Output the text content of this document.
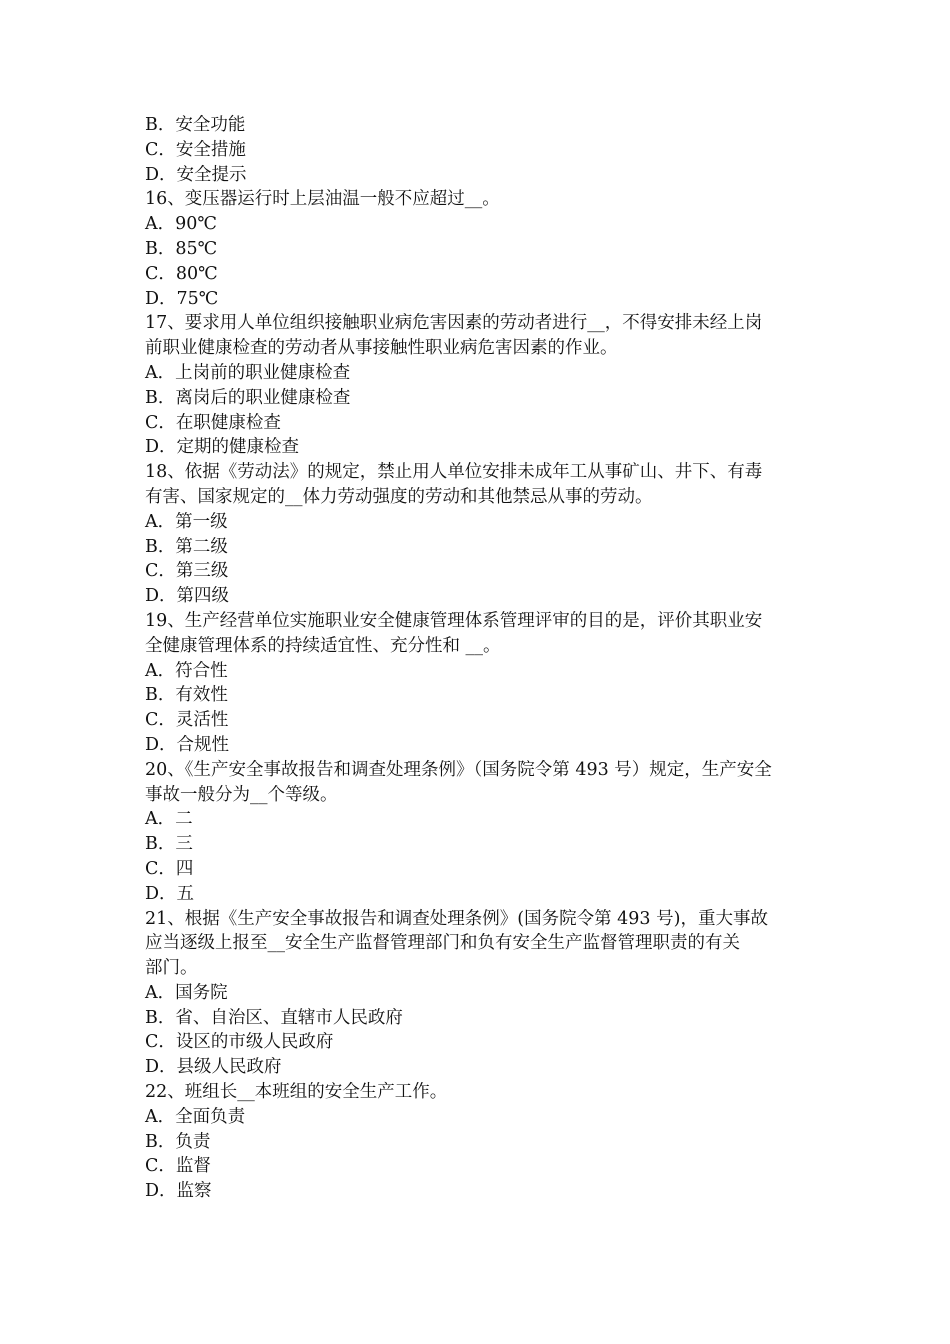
B．安全功能

C．安全措施

D．安全提示

16、变压器运行时上层油温一般不应超过__。

A．90℃

B．85℃

C．80℃

D．75℃

17、要求用人单位组织接触职业病危害因素的劳动者进行__，不得安排未经上岗

前职业健康检查的劳动者从事接触性职业病危害因素的作业。

A．上岗前的职业健康检查

B．离岗后的职业健康检查

C．在职健康检查

D．定期的健康检查

18、依据《劳动法》的规定，禁止用人单位安排未成年工从事矿山、井下、有毒

有害、国家规定的__体力劳动强度的劳动和其他禁忌从事的劳动。

A．第一级

B．第二级

C．第三级

D．第四级

19、生产经营单位实施职业安全健康管理体系管理评审的目的是，评价其职业安

全健康管理体系的持续适宜性、充分性和 __。

A．符合性

B．有效性

C．灵活性

D．合规性

20、《生产安全事故报告和调查处理条例》（国务院令第 493 号）规定，生产安全

事故一般分为__个等级。

A．二

B．三

C．四

D．五

21、根据《生产安全事故报告和调查处理条例》(国务院令第 493 号)，重大事故

应当逐级上报至__安全生产监督管理部门和负有安全生产监督管理职责的有关

部门。

A．国务院

B．省、自治区、直辖市人民政府

C．设区的市级人民政府

D．县级人民政府

22、班组长__本班组的安全生产工作。

A．全面负责

B．负责

C．监督

D．监察
